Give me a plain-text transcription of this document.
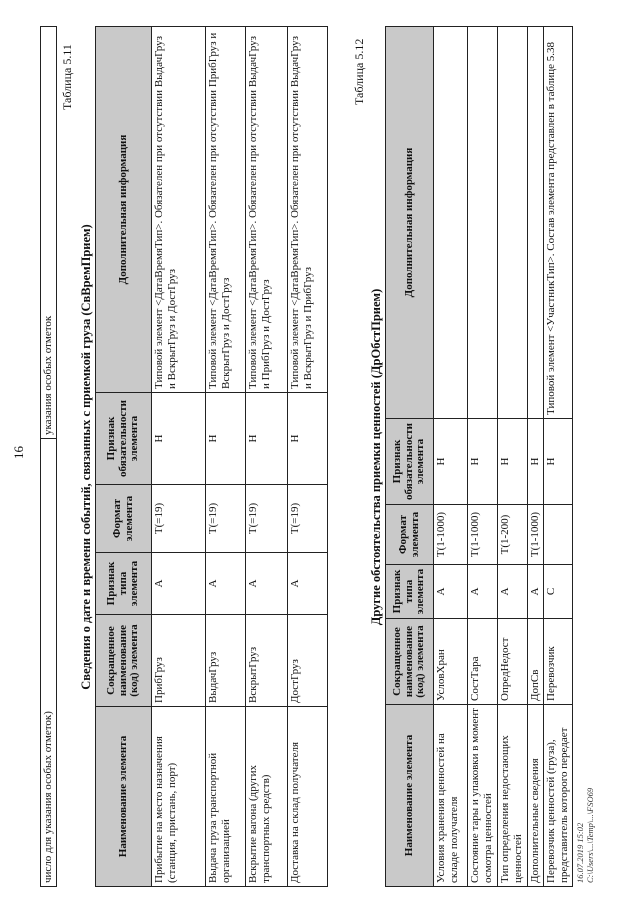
16
число для указания особых отметок)	указания особых отметок
Таблица 5.11
Сведения о дате и времени событий, связанных с приемкой груза (СвВремПрием)
Наименование элемента	Сокращенное наименование (код) элемента	Признак типа элемента	Формат элемента	Признак обязательности элемента	Дополнительная информация
Прибытие на место назначения (станция, пристань, порт)	ПрибГруз	А	T(=19)	Н	Типовой элемент <ДатаВремяТип>. Обязателен при отсутствии ВыдачГруз и ВскрытГруз и ДостГруз
Выдача груза транспортной организацией	ВыдачГруз	А	T(=19)	Н	Типовой элемент <ДатаВремяТип>. Обязателен при отсутствии ПрибГруз и ВскрытГруз и ДостГруз
Вскрытие вагона (других транспортных средств)	ВскрытГруз	А	T(=19)	Н	Типовой элемент <ДатаВремяТип>. Обязателен при отсутствии ВыдачГруз и ПрибГруз и ДостГруз
Доставка на склад получателя	ДостГруз	А	T(=19)	Н	Типовой элемент <ДатаВремяТип>. Обязателен при отсутствии ВыдачГруз и ВскрытГруз и ПрибГруз
Таблица 5.12
Другие обстоятельства приемки ценностей (ДрОбстПрием)
Наименование элемента	Сокращенное наименование (код) элемента	Признак типа элемента	Формат элемента	Признак обязательности элемента	Дополнительная информация
Условия хранения ценностей на складе получателя	УсловХран	А	T(1-1000)	Н	
Состояние тары и упаковки в момент осмотра ценностей	СостТара	А	T(1-1000)	Н	
Тип определения недостающих ценностей	ОпредНедост	А	T(1-200)	Н	
Дополнительные сведения	ДопСв	А	T(1-1000)	Н	
Перевозчик ценностей (груза), представитель которого передает	Перевозчик	С		Н	Типовой элемент <УчастникТип>. Состав элемента представлен в таблице 5.38
16.07.2019 15:02 C:\Users\...\Temp\...\FSO69
